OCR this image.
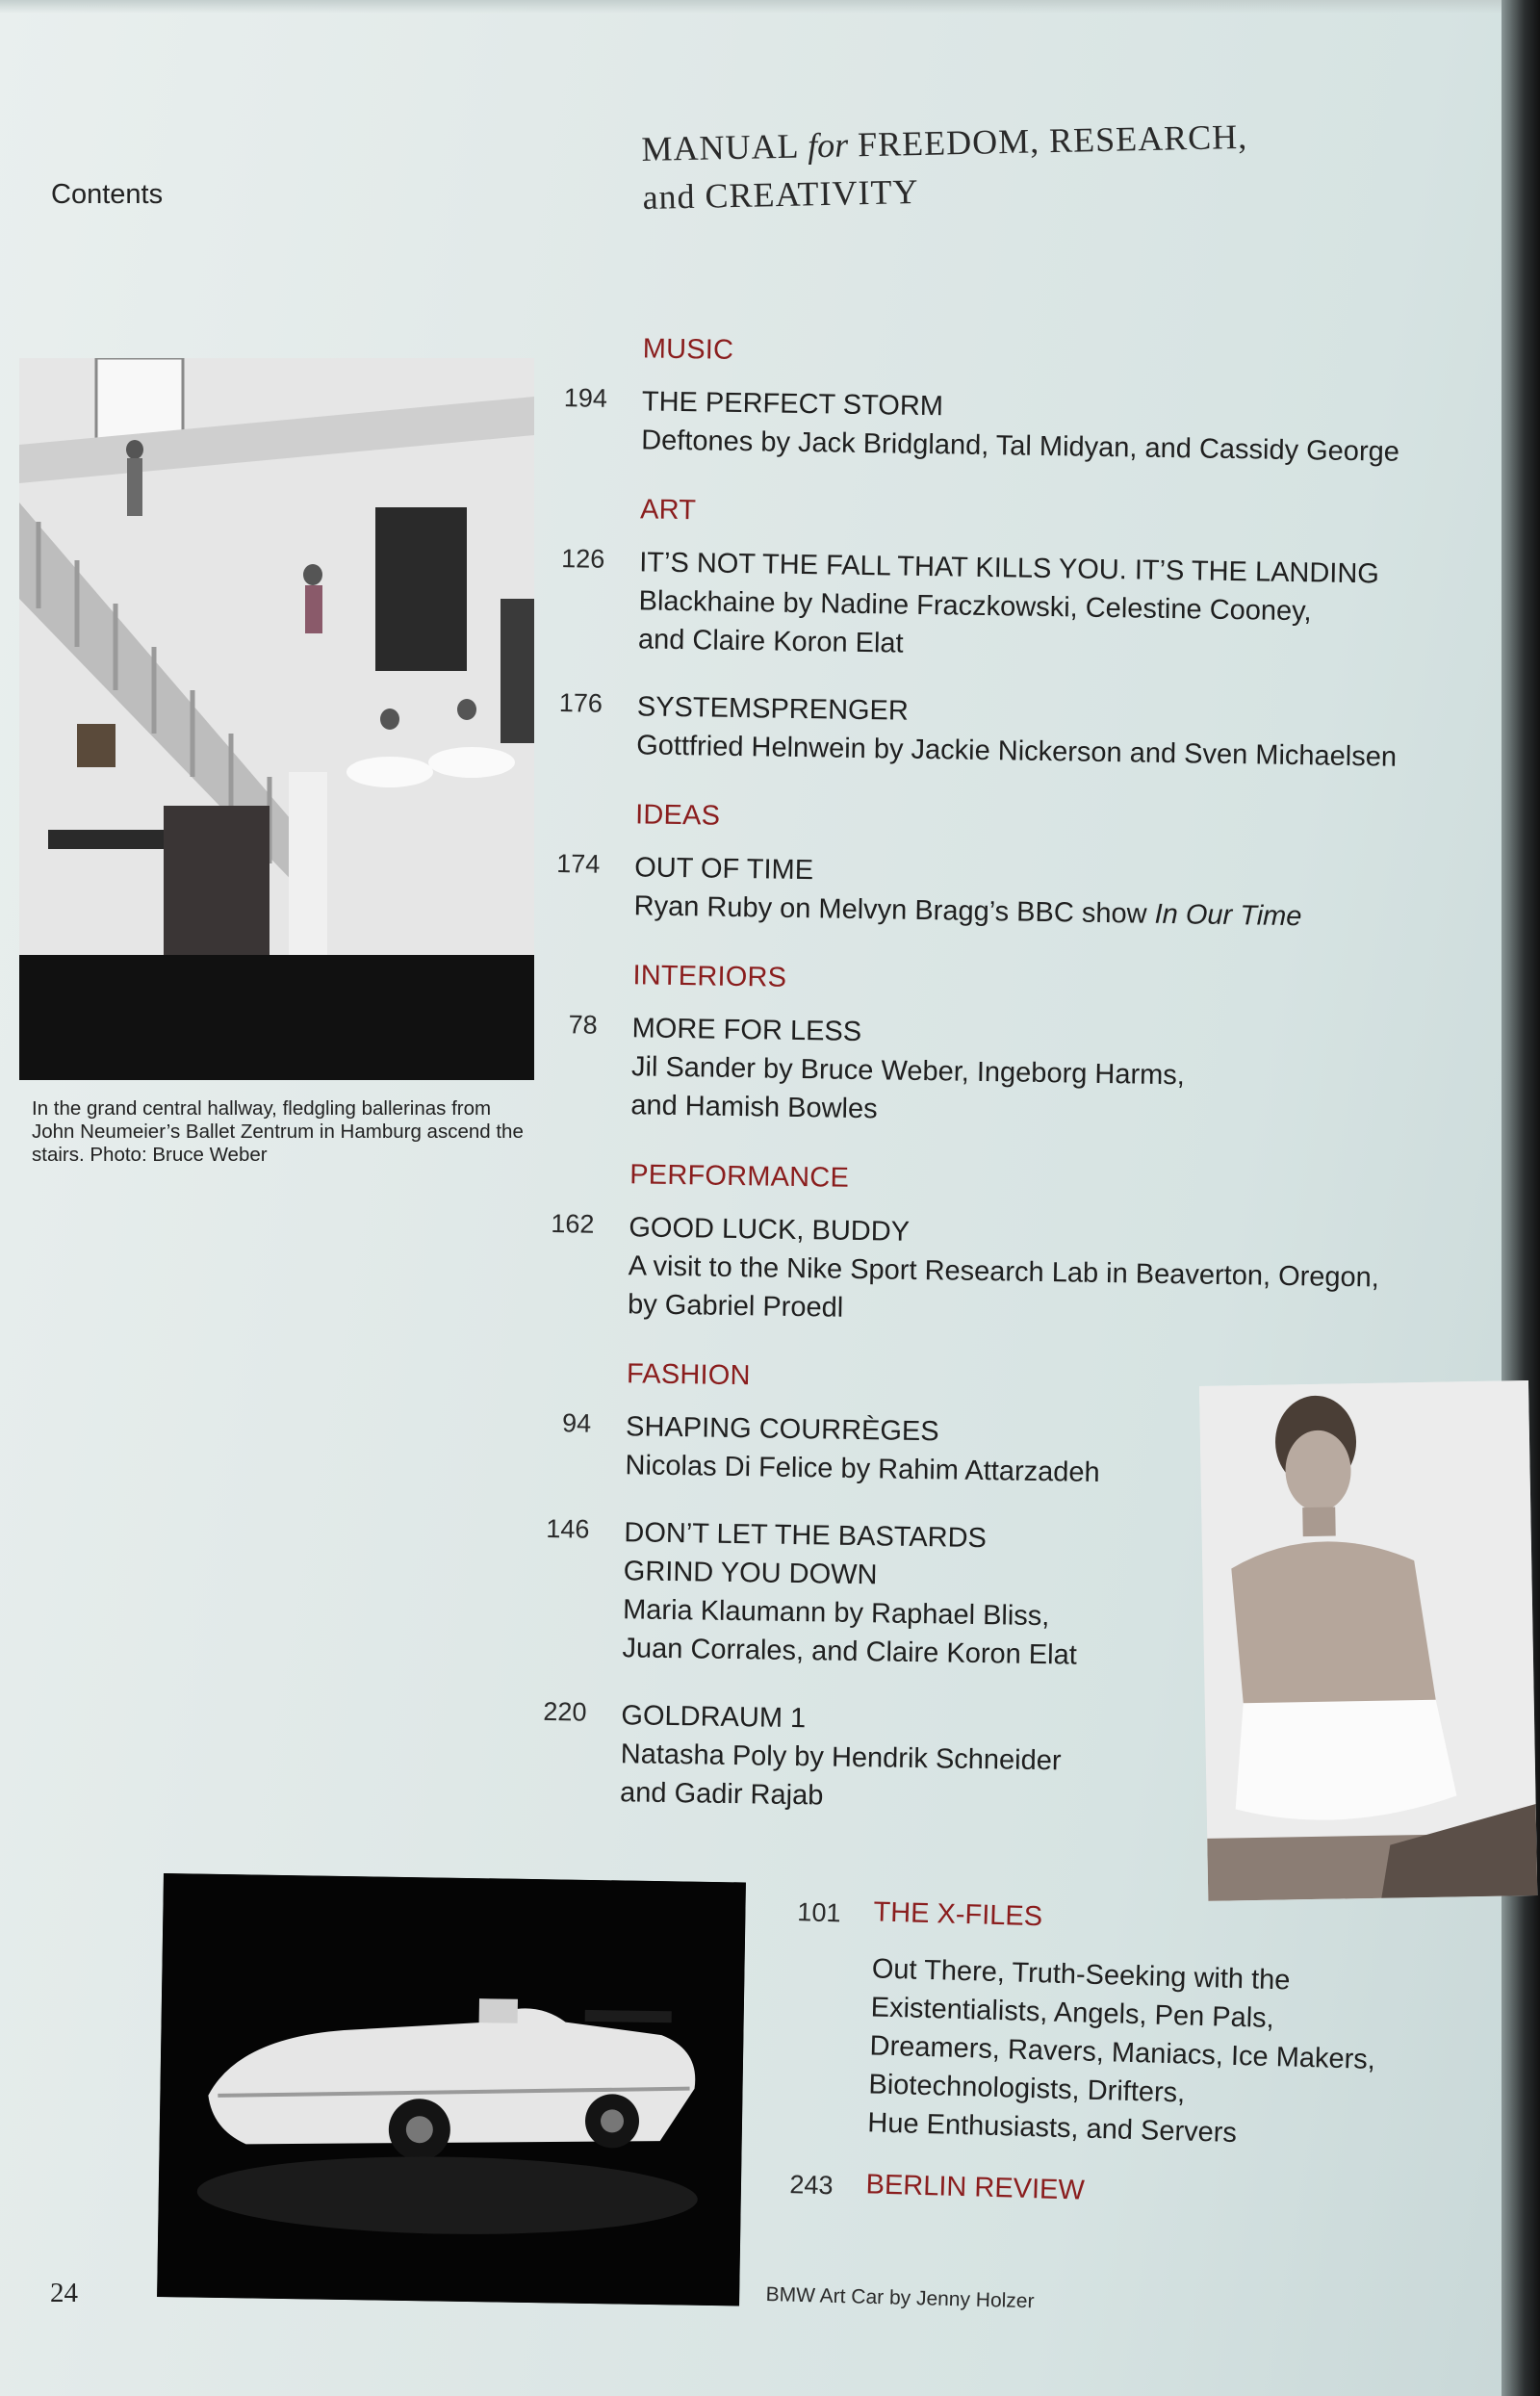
Contents
MANUAL for FREEDOM, RESEARCH,
and CREATIVITY
In the grand central hallway, fledgling ballerinas from John Neumeier’s Ballet Zentrum in Hamburg ascend the stairs. Photo: Bruce Weber
MUSIC
194 THE PERFECT STORM
Deftones by Jack Bridgland, Tal Midyan, and Cassidy George
ART
126 IT’S NOT THE FALL THAT KILLS YOU. IT’S THE LANDING
Blackhaine by Nadine Fraczkowski, Celestine Cooney,
and Claire Koron Elat
176 SYSTEMSPRENGER
Gottfried Helnwein by Jackie Nickerson and Sven Michaelsen
IDEAS
174 OUT OF TIME
Ryan Ruby on Melvyn Bragg’s BBC show In Our Time
INTERIORS
78 MORE FOR LESS
Jil Sander by Bruce Weber, Ingeborg Harms,
and Hamish Bowles
PERFORMANCE
162 GOOD LUCK, BUDDY
A visit to the Nike Sport Research Lab in Beaverton, Oregon,
by Gabriel Proedl
FASHION
94 SHAPING COURRÈGES
Nicolas Di Felice by Rahim Attarzadeh
146 DON’T LET THE BASTARDS
GRIND YOU DOWN
Maria Klaumann by Raphael Bliss,
Juan Corrales, and Claire Koron Elat
220 GOLDRAUM 1
Natasha Poly by Hendrik Schneider
and Gadir Rajab
BMW Art Car by Jenny Holzer
101 THE X-FILES
Out There, Truth-Seeking with the
Existentialists, Angels, Pen Pals,
Dreamers, Ravers, Maniacs, Ice Makers,
Biotechnologists, Drifters,
Hue Enthusiasts, and Servers
243 BERLIN REVIEW
24
